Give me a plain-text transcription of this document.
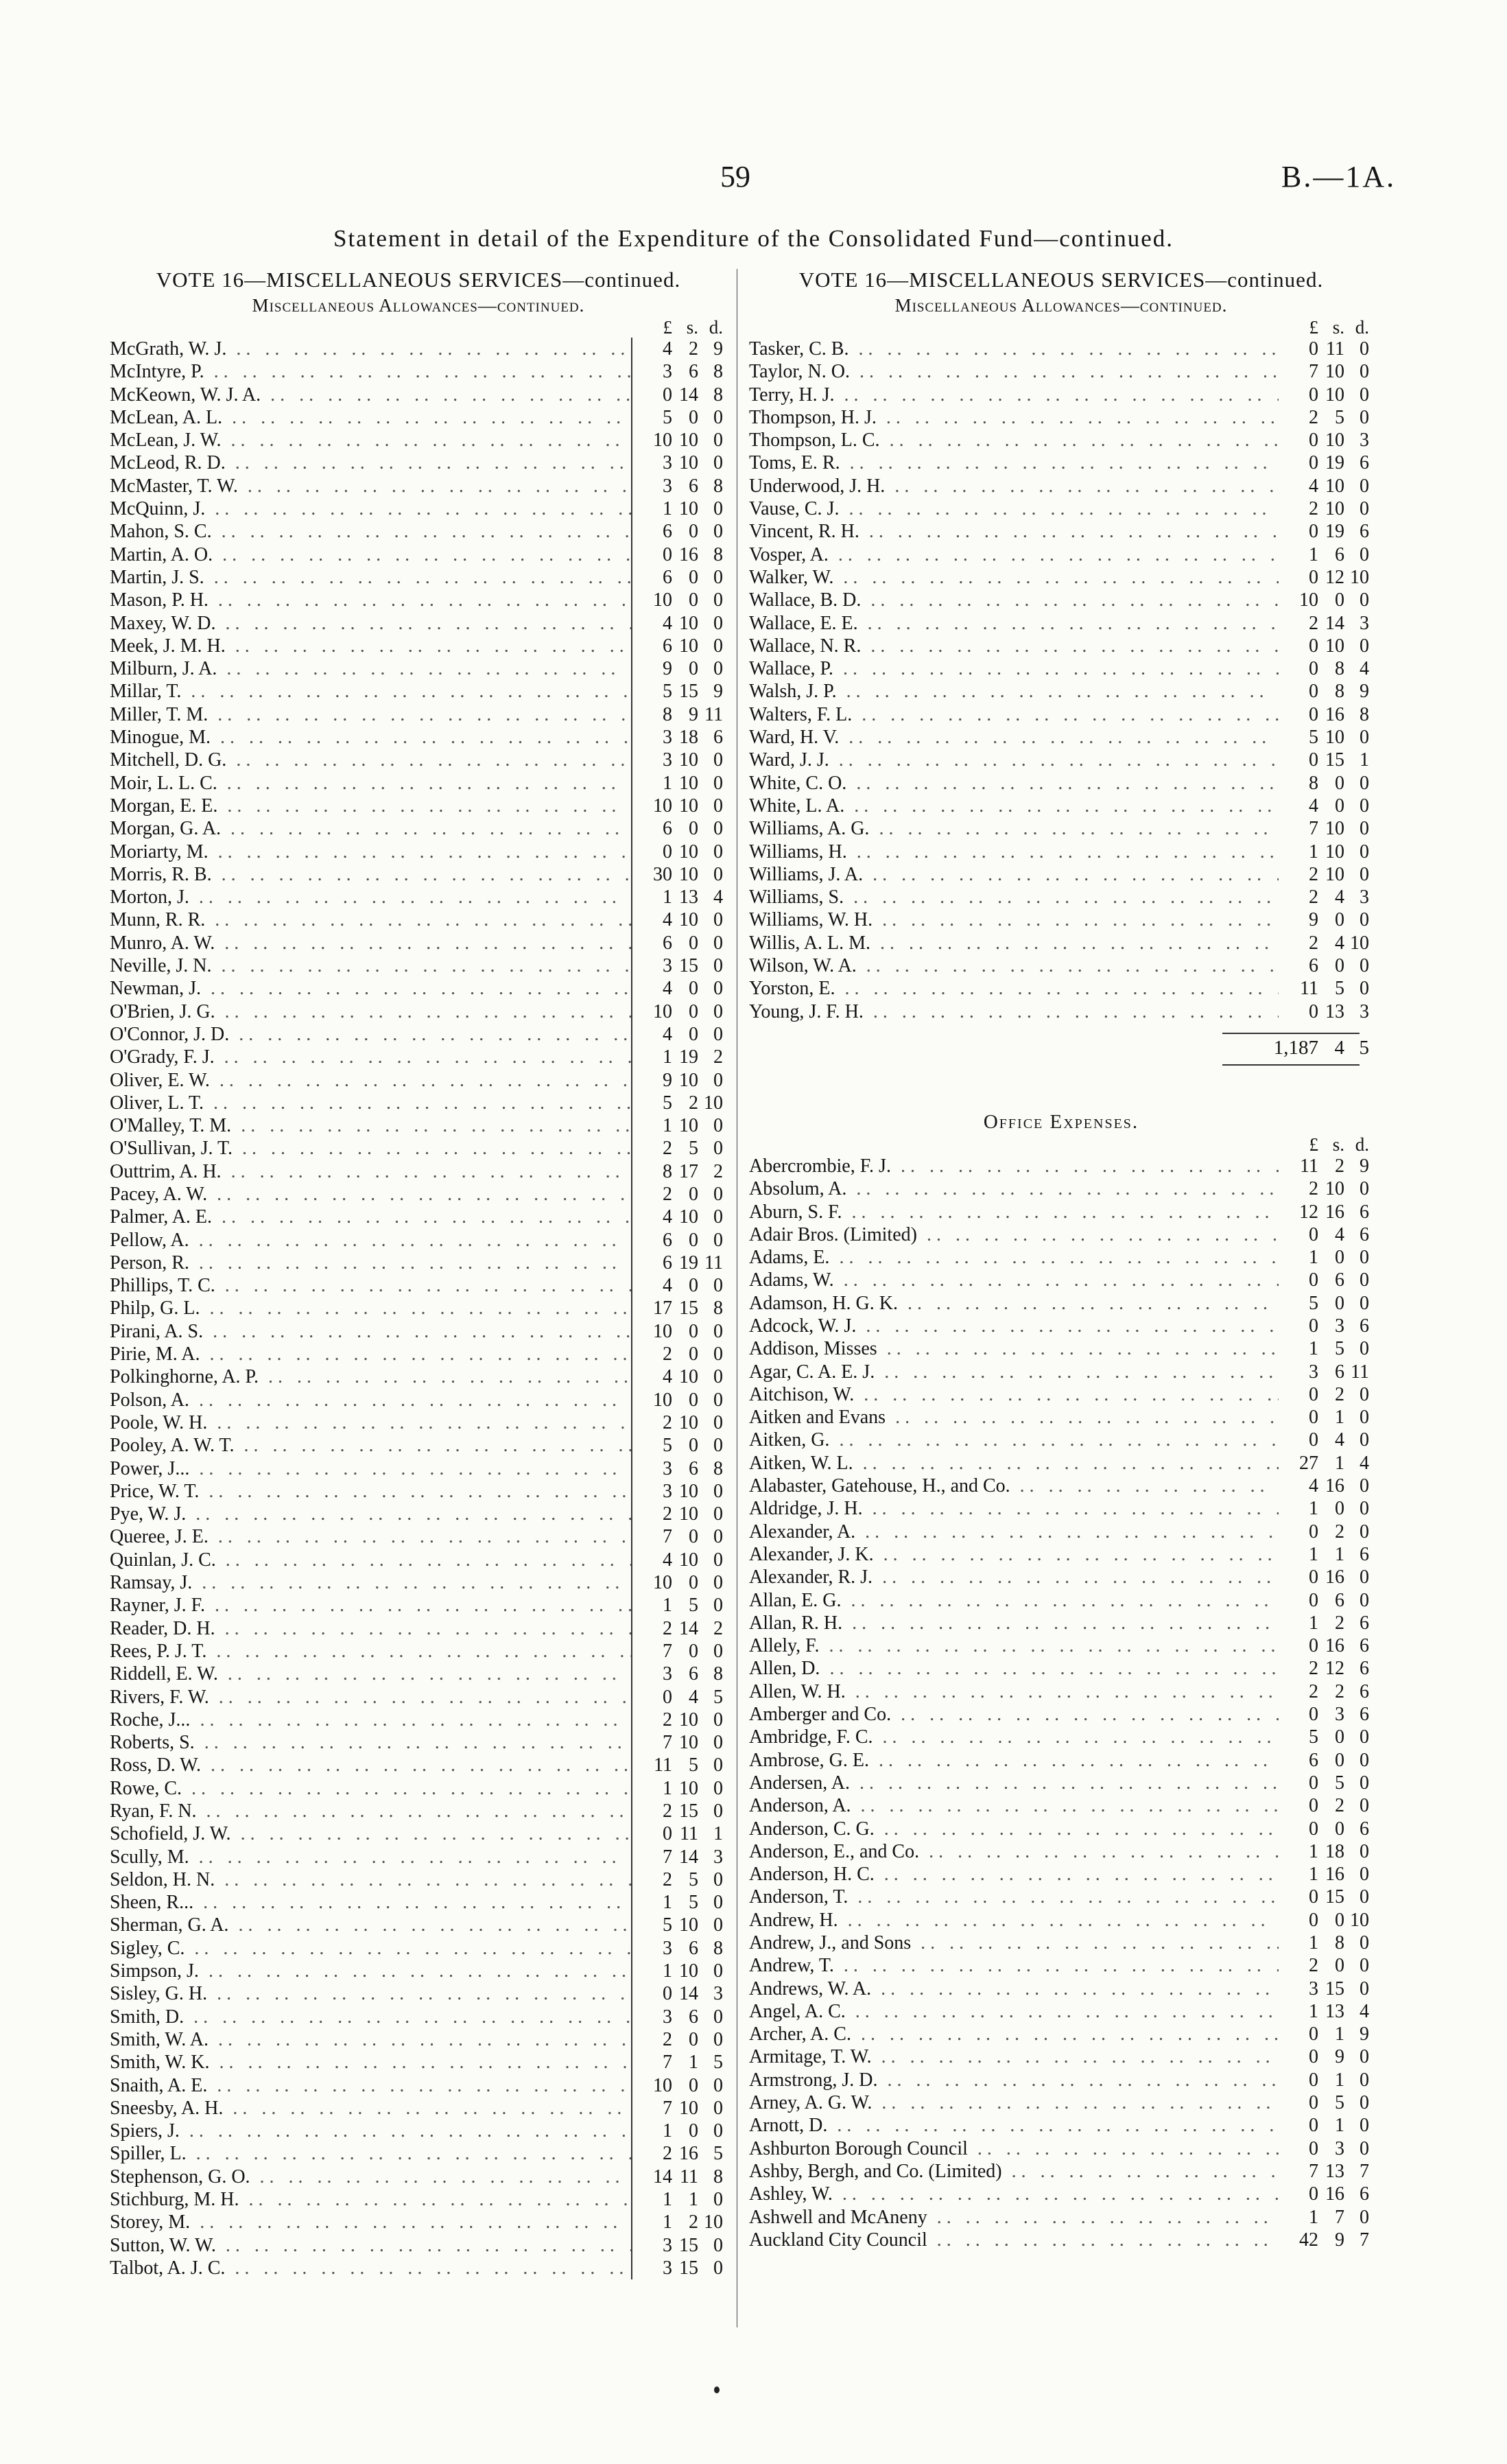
59	B.—1A.
Statement in detail of the Expenditure of the Consolidated Fund—continued.
VOTE 16—MISCELLANEOUS SERVICES—continued.
Miscellaneous Allowances—continued.
£ s. d.
McGrath, W. J. . .	4 2 9
McIntyre, P. . .	3 6 8
McKeown, W. J. A. . .	0 14 8
McLean, A. L. . .	5 0 0
McLean, J. W. . .	10 10 0
McLeod, R. D. . .	3 10 0
McMaster, T. W. . .	3 6 8
McQuinn, J. . .	1 10 0
Mahon, S. C. . .	6 0 0
Martin, A. O. . .	0 16 8
Martin, J. S. . .	6 0 0
Mason, P. H. . .	10 0 0
Maxey, W. D. . .	4 10 0
Meek, J. M. H. . .	6 10 0
Milburn, J. A. . .	9 0 0
Millar, T. . .	5 15 9
Miller, T. M. . .	8 9 11
Minogue, M. . .	3 18 6
Mitchell, D. G. . .	3 10 0
Moir, L. L. C. . .	1 10 0
Morgan, E. E. . .	10 10 0
Morgan, G. A. . .	6 0 0
Moriarty, M. . .	0 10 0
Morris, R. B. . .	30 10 0
Morton, J. . .	1 13 4
Munn, R. R. . .	4 10 0
Munro, A. W. . .	6 0 0
Neville, J. N. . .	3 15 0
Newman, J. . .	4 0 0
O'Brien, J. G. . .	10 0 0
O'Connor, J. D. . .	4 0 0
O'Grady, F. J. . .	1 19 2
Oliver, E. W. . .	9 10 0
Oliver, L. T. . .	5 2 10
O'Malley, T. M. . .	1 10 0
O'Sullivan, J. T. . .	2 5 0
Outtrim, A. H. . .	8 17 2
Pacey, A. W. . .	2 0 0
Palmer, A. E. . .	4 10 0
Pellow, A. . .	6 0 0
Person, R. . .	6 19 11
Phillips, T. C. . .	4 0 0
Philp, G. L. . .	17 15 8
Pirani, A. S. . .	10 0 0
Pirie, M. A. . .	2 0 0
Polkinghorne, A. P. . .	4 10 0
Polson, A. . .	10 0 0
Poole, W. H. . .	2 10 0
Pooley, A. W. T. . .	5 0 0
Power, J... . .	3 6 8
Price, W. T. . .	3 10 0
Pye, W. J. . .	2 10 0
Queree, J. E. . .	7 0 0
Quinlan, J. C. . .	4 10 0
Ramsay, J. . .	10 0 0
Rayner, J. F. . .	1 5 0
Reader, D. H. . .	2 14 2
Rees, P. J. T. . .	7 0 0
Riddell, E. W. . .	3 6 8
Rivers, F. W. . .	0 4 5
Roche, J... . .	2 10 0
Roberts, S. . .	7 10 0
Ross, D. W. . .	11 5 0
Rowe, C. . .	1 10 0
Ryan, F. N. . .	2 15 0
Schofield, J. W. . .	0 11 1
Scully, M. . .	7 14 3
Seldon, H. N. . .	2 5 0
Sheen, R... . .	1 5 0
Sherman, G. A. . .	5 10 0
Sigley, C. . .	3 6 8
Simpson, J. . .	1 10 0
Sisley, G. H. . .	0 14 3
Smith, D. . .	3 6 0
Smith, W. A. . .	2 0 0
Smith, W. K. . .	7 1 5
Snaith, A. E. . .	10 0 0
Sneesby, A. H. . .	7 10 0
Spiers, J. . .	1 0 0
Spiller, L. . .	2 16 5
Stephenson, G. O. . .	14 11 8
Stichburg, M. H. . .	1 1 0
Storey, M. . .	1 2 10
Sutton, W. W. . .	3 15 0
Talbot, A. J. C. . .	3 15 0
VOTE 16—MISCELLANEOUS SERVICES—continued.
Miscellaneous Allowances—continued.
£ s. d.
Tasker, C. B. . .	0 11 0
Taylor, N. O. . .	7 10 0
Terry, H. J. . .	0 10 0
Thompson, H. J. . .	2 5 0
Thompson, L. C. . .	0 10 3
Toms, E. R. . .	0 19 6
Underwood, J. H. . .	4 10 0
Vause, C. J. . .	2 10 0
Vincent, R. H. . .	0 19 6
Vosper, A. . .	1 6 0
Walker, W. . .	0 12 10
Wallace, B. D. . .	10 0 0
Wallace, E. E. . .	2 14 3
Wallace, N. R. . .	0 10 0
Wallace, P. . .	0 8 4
Walsh, J. P. . .	0 8 9
Walters, F. L. . .	0 16 8
Ward, H. V. . .	5 10 0
Ward, J. J. . .	0 15 1
White, C. O. . .	8 0 0
White, L. A. . .	4 0 0
Williams, A. G. . .	7 10 0
Williams, H. . .	1 10 0
Williams, J. A. . .	2 10 0
Williams, S. . .	2 4 3
Williams, W. H. . .	9 0 0
Willis, A. L. M. . .	2 4 10
Wilson, W. A. . .	6 0 0
Yorston, E. . .	11 5 0
Young, J. F. H. . .	0 13 3
1,187 4 5
Office Expenses.
£ s. d.
Abercrombie, F. J. . .	11 2 9
Absolum, A. . .	2 10 0
Aburn, S. F. . .	12 16 6
Adair Bros. (Limited) . .	0 4 6
Adams, E. . .	1 0 0
Adams, W. . .	0 6 0
Adamson, H. G. K. . .	5 0 0
Adcock, W. J. . .	0 3 6
Addison, Misses . .	1 5 0
Agar, C. A. E. J. . .	3 6 11
Aitchison, W. . .	0 2 0
Aitken and Evans . .	0 1 0
Aitken, G. . .	0 4 0
Aitken, W. L. . .	27 1 4
Alabaster, Gatehouse, H., and Co. . .	4 16 0
Aldridge, J. H. . .	1 0 0
Alexander, A. . .	0 2 0
Alexander, J. K. . .	1 1 6
Alexander, R. J. . .	0 16 0
Allan, E. G. . .	0 6 0
Allan, R. H. . .	1 2 6
Allely, F. . .	0 16 6
Allen, D. . .	2 12 6
Allen, W. H. . .	2 2 6
Amberger and Co. . .	0 3 6
Ambridge, F. C. . .	5 0 0
Ambrose, G. E. . .	6 0 0
Andersen, A. . .	0 5 0
Anderson, A. . .	0 2 0
Anderson, C. G. . .	0 0 6
Anderson, E., and Co. . .	1 18 0
Anderson, H. C. . .	1 16 0
Anderson, T. . .	0 15 0
Andrew, H. . .	0 0 10
Andrew, J., and Sons . .	1 8 0
Andrew, T. . .	2 0 0
Andrews, W. A. . .	3 15 0
Angel, A. C. . .	1 13 4
Archer, A. C. . .	0 1 9
Armitage, T. W. . .	0 9 0
Armstrong, J. D. . .	0 1 0
Arney, A. G. W. . .	0 5 0
Arnott, D. . .	0 1 0
Ashburton Borough Council . .	0 3 0
Ashby, Bergh, and Co. (Limited) . .	7 13 7
Ashley, W. . .	0 16 6
Ashwell and McAneny . .	1 7 0
Auckland City Council . .	42 9 7
